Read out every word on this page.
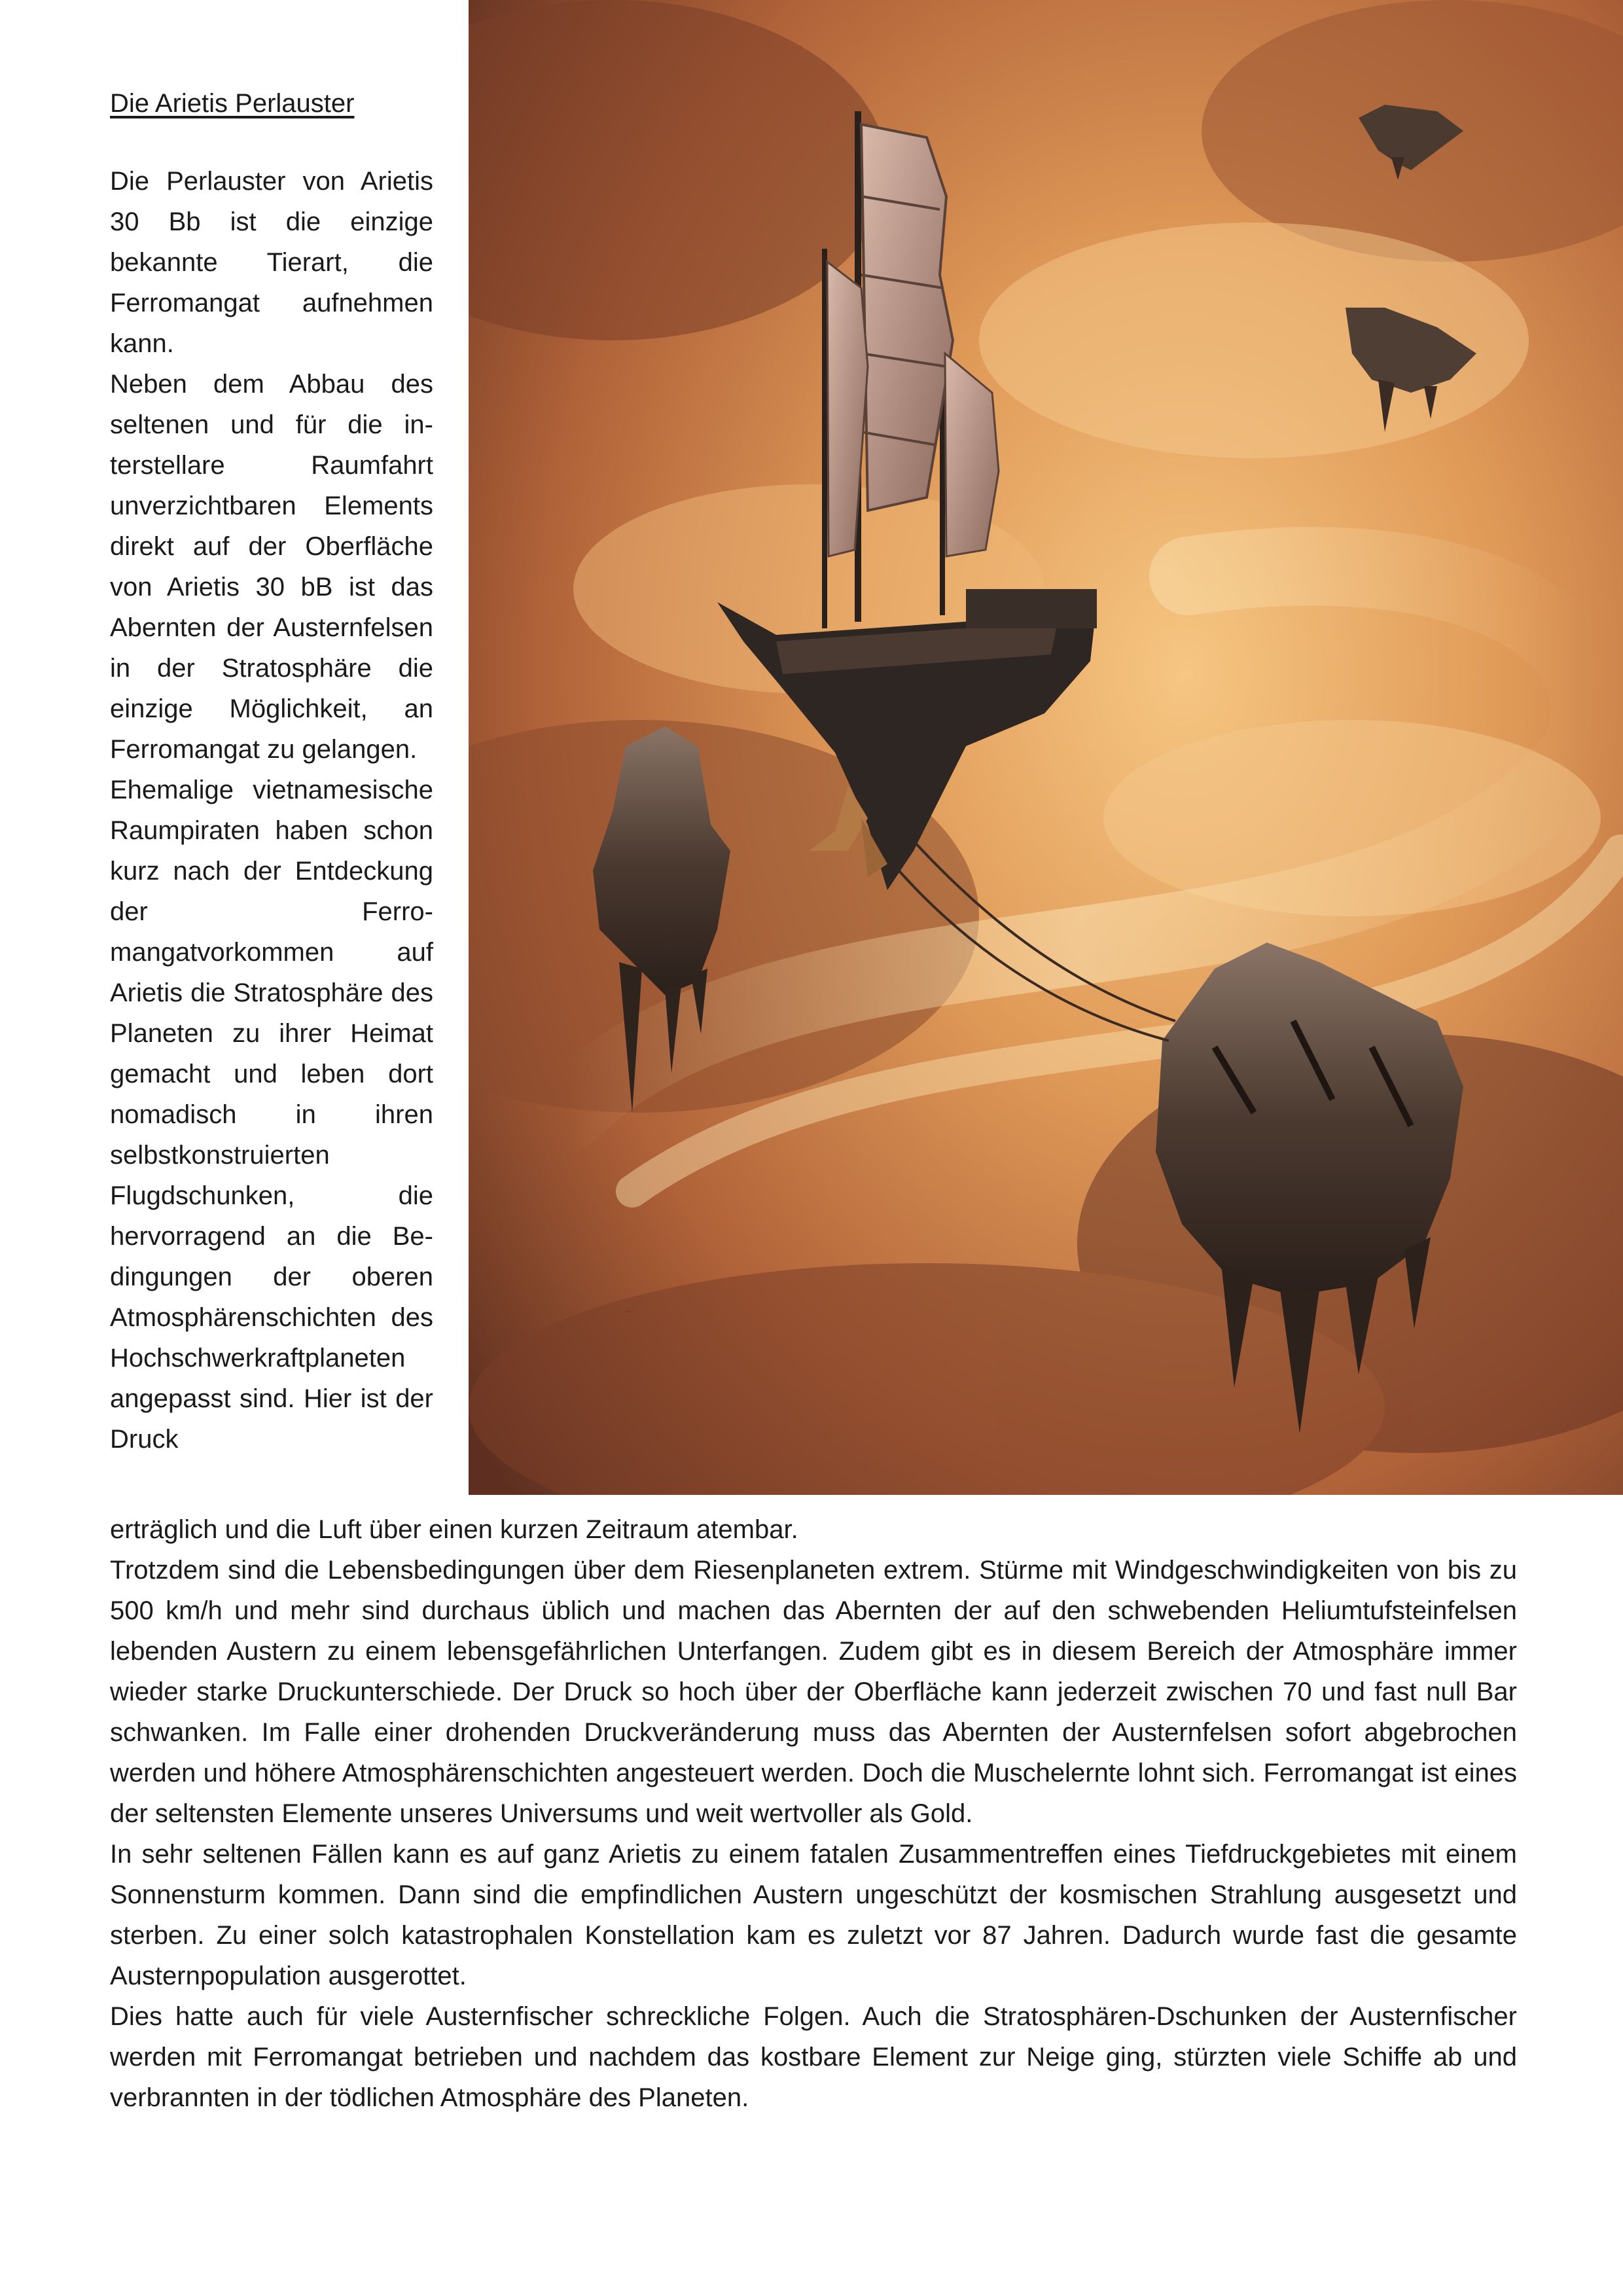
Die Arietis Perlauster

Die Perlauster von Arietis 30 Bb ist die einzige bekannte Tierart, die Ferromangat aufnehmen kann.

Neben dem Abbau des seltenen und für die interstellare Raumfahrt unverzichtbaren Elements direkt auf der Oberfläche von Arietis 30 bB ist das Abernten der Austernfelsen in der Stratosphäre die einzige Möglichkeit, an Ferromangat zu gelangen.

Ehemalige vietnamesische Raumpiraten haben schon kurz nach der Entdeckung der Ferromangatvorkommen auf Arietis die Stratosphäre des Planeten zu ihrer Heimat gemacht und leben dort nomadisch in ihren selbstkonstruierten Flugdschunken, die hervorragend an die Bedingungen der oberen Atmosphärenschichten des Hochschwerkraftplaneten angepasst sind. Hier ist der Druck

~

erträglich und die Luft über einen kurzen Zeitraum atembar.

Trotzdem sind die Lebensbedingungen über dem Riesenplaneten extrem. Stürme mit Windgeschwindigkeiten von bis zu 500 km/h und mehr sind durchaus üblich und machen das Abernten der auf den schwebenden Heliumtufsteinfelsen lebenden Austern zu einem lebensgefährlichen Unterfangen. Zudem gibt es in diesem Bereich der Atmosphäre immer wieder starke Druckunterschiede. Der Druck so hoch über der Oberfläche kann jederzeit zwischen 70 und fast null Bar schwanken. Im Falle einer drohenden Druckveränderung muss das Abernten der Austernfelsen sofort abgebrochen werden und höhere Atmosphärenschichten angesteuert werden. Doch die Muschelernte lohnt sich. Ferromangat ist eines der seltensten Elemente unseres Universums und weit wertvoller als Gold.

In sehr seltenen Fällen kann es auf ganz Arietis zu einem fatalen Zusammentreffen eines Tiefdruckgebietes mit einem Sonnensturm kommen. Dann sind die empfindlichen Austern ungeschützt der kosmischen Strahlung ausgesetzt und sterben. Zu einer solch katastrophalen Konstellation kam es zuletzt vor 87 Jahren. Dadurch wurde fast die gesamte Austernpopulation ausgerottet.

Dies hatte auch für viele Austernfischer schreckliche Folgen. Auch die Stratosphären-Dschunken der Austernfischer werden mit Ferromangat betrieben und nachdem das kostbare Element zur Neige ging, stürzten viele Schiffe ab und verbrannten in der tödlichen Atmosphäre des Planeten.
